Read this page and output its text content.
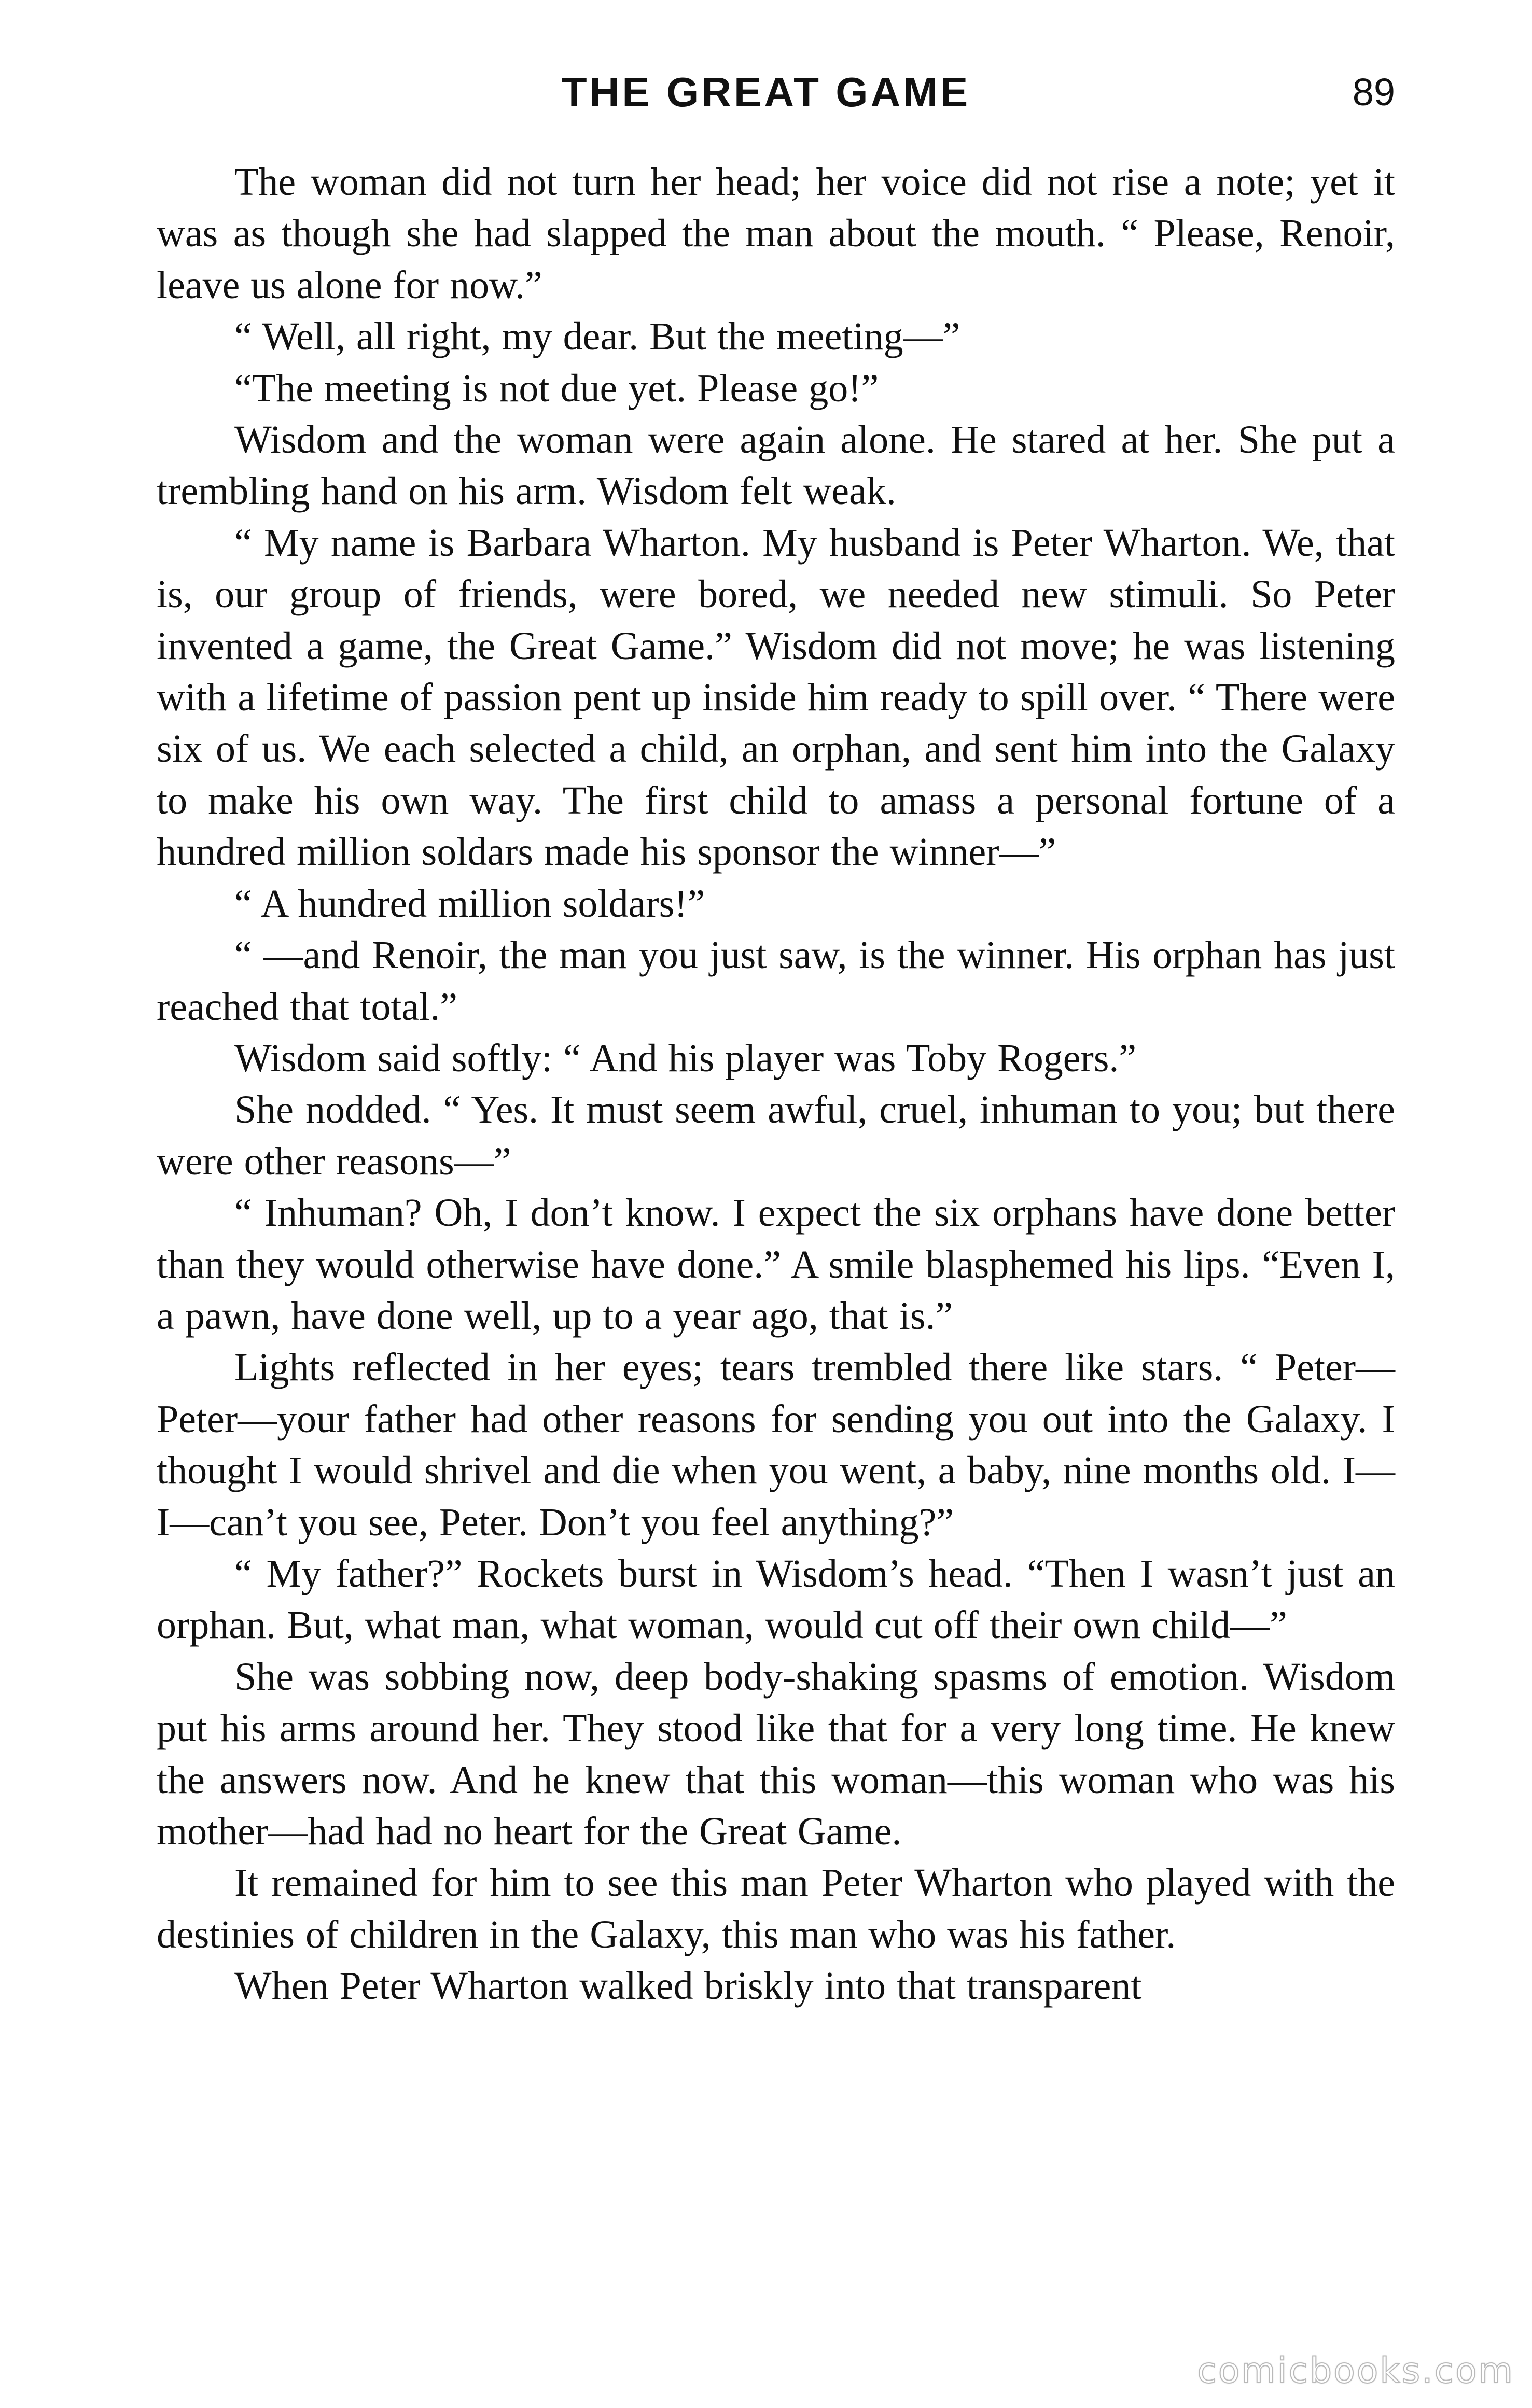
THE GREAT GAME	89

The woman did not turn her head; her voice did not rise a note; yet it was as though she had slapped the man about the mouth. “ Please, Renoir, leave us alone for now.”

“ Well, all right, my dear. But the meeting—”

“The meeting is not due yet. Please go!”

Wisdom and the woman were again alone. He stared at her. She put a trembling hand on his arm. Wisdom felt weak.

“ My name is Barbara Wharton. My husband is Peter Wharton. We, that is, our group of friends, were bored, we needed new stimuli. So Peter invented a game, the Great Game.” Wisdom did not move; he was listening with a lifetime of passion pent up inside him ready to spill over. “ There were six of us. We each selected a child, an orphan, and sent him into the Galaxy to make his own way. The first child to amass a personal fortune of a hundred million soldars made his sponsor the winner—”

“ A hundred million soldars!”

“ —and Renoir, the man you just saw, is the winner. His orphan has just reached that total.”

Wisdom said softly: “ And his player was Toby Rogers.”

She nodded. “ Yes. It must seem awful, cruel, inhuman to you; but there were other reasons—”

“ Inhuman? Oh, I don’t know. I expect the six orphans have done better than they would otherwise have done.” A smile blasphemed his lips. “Even I, a pawn, have done well, up to a year ago, that is.”

Lights reflected in her eyes; tears trembled there like stars. “ Peter—Peter—your father had other reasons for sending you out into the Galaxy. I thought I would shrivel and die when you went, a baby, nine months old. I—I—can’t you see, Peter. Don’t you feel anything?”

“ My father?” Rockets burst in Wisdom’s head. “Then I wasn’t just an orphan. But, what man, what woman, would cut off their own child—”

She was sobbing now, deep body-shaking spasms of emotion. Wisdom put his arms around her. They stood like that for a very long time. He knew the answers now. And he knew that this woman—this woman who was his mother—had had no heart for the Great Game.

It remained for him to see this man Peter Wharton who played with the destinies of children in the Galaxy, this man who was his father.

When Peter Wharton walked briskly into that transparent

comicbooks.com
